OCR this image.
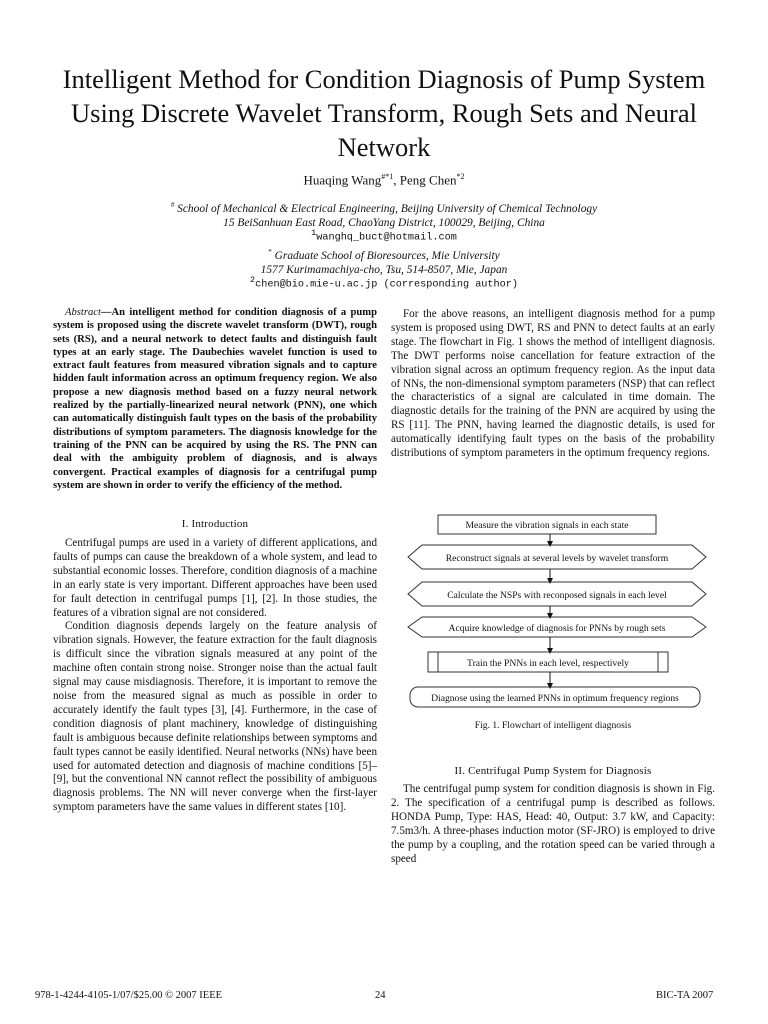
Intelligent Method for Condition Diagnosis of Pump System Using Discrete Wavelet Transform, Rough Sets and Neural Network
Huaqing Wang$^{\#*1}$, Peng Chen$^{*2}$
# School of Mechanical & Electrical Engineering, Beijing University of Chemical Technology
15 BeiSanhuan East Road, ChaoYang District, 100029, Beijing, China
$^1$wanghq_buct@hotmail.com
* Graduate School of Bioresources, Mie University
1577 Kurimamachiya-cho, Tsu, 514-8507, Mie, Japan
$^2$chen@bio.mie-u.ac.jp (corresponding author)

Abstract—An intelligent method for condition diagnosis of a pump system is proposed using the discrete wavelet transform (DWT), rough sets (RS), and a neural network to detect faults and distinguish fault types at an early stage. The Daubechies wavelet function is used to extract fault features from measured vibration signals and to capture hidden fault information across an optimum frequency region. We also propose a new diagnosis method based on a fuzzy neural network realized by the partially-linearized neural network (PNN), one which can automatically distinguish fault types on the basis of the probability distributions of symptom parameters. The diagnosis knowledge for the training of the PNN can be acquired by using the RS. The PNN can deal with the ambiguity problem of diagnosis, and is always convergent. Practical examples of diagnosis for a centrifugal pump system are shown in order to verify the efficiency of the method.

I. Introduction

Centrifugal pumps are used in a variety of different applications, and faults of pumps can cause the breakdown of a whole system, and lead to substantial economic losses. Therefore, condition diagnosis of a machine in an early state is very important. Different approaches have been used for fault detection in centrifugal pumps [1], [2]. In those studies, the features of a vibration signal are not considered.

Condition diagnosis depends largely on the feature analysis of vibration signals. However, the feature extraction for the fault diagnosis is difficult since the vibration signals measured at any point of the machine often contain strong noise. Stronger noise than the actual fault signal may cause misdiagnosis. Therefore, it is important to remove the noise from the measured signal as much as possible in order to accurately identify the fault types [3], [4]. Furthermore, in the case of condition diagnosis of plant machinery, knowledge of distinguishing fault is ambiguous because definite relationships between symptoms and fault types cannot be easily identified. Neural networks (NNs) have been used for automated detection and diagnosis of machine conditions [5]–[9], but the conventional NN cannot reflect the possibility of ambiguous diagnosis problems. The NN will never converge when the first-layer symptom parameters have the same values in different states [10].

For the above reasons, an intelligent diagnosis method for a pump system is proposed using DWT, RS and PNN to detect faults at an early stage. The flowchart in Fig. 1 shows the method of intelligent diagnosis. The DWT performs noise cancellation for feature extraction of the vibration signal across an optimum frequency region. As the input data of NNs, the non-dimensional symptom parameters (NSP) that can reflect the characteristics of a signal are calculated in time domain. The diagnostic details for the training of the PNN are acquired by using the RS [11]. The PNN, having learned the diagnostic details, is used for automatically identifying fault types on the basis of the probability distributions of symptom parameters in the optimum frequency regions.

Measure the vibration signals in each state
Reconstruct signals at several levels by wavelet transform
Calculate the NSPs with reconposed signals in each level
Acquire knowledge of diagnosis for PNNs by rough sets
Train the PNNs in each level, respectively
Diagnose using the learned PNNs in optimum frequency regions
Fig. 1. Flowchart of intelligent diagnosis
II. Centrifugal Pump System for Diagnosis

The centrifugal pump system for condition diagnosis is shown in Fig. 2. The specification of a centrifugal pump is described as follows. HONDA Pump, Type: HAS, Head: 40, Output: 3.7 kW, and Capacity: 7.5m3/h. A three-phases induction motor (SF-JRO) is employed to drive the pump by a coupling, and the rotation speed can be varied through a speed

978-1-4244-4105-1/07/$25.00 © 2007 IEEE	24	BIC-TA 2007
